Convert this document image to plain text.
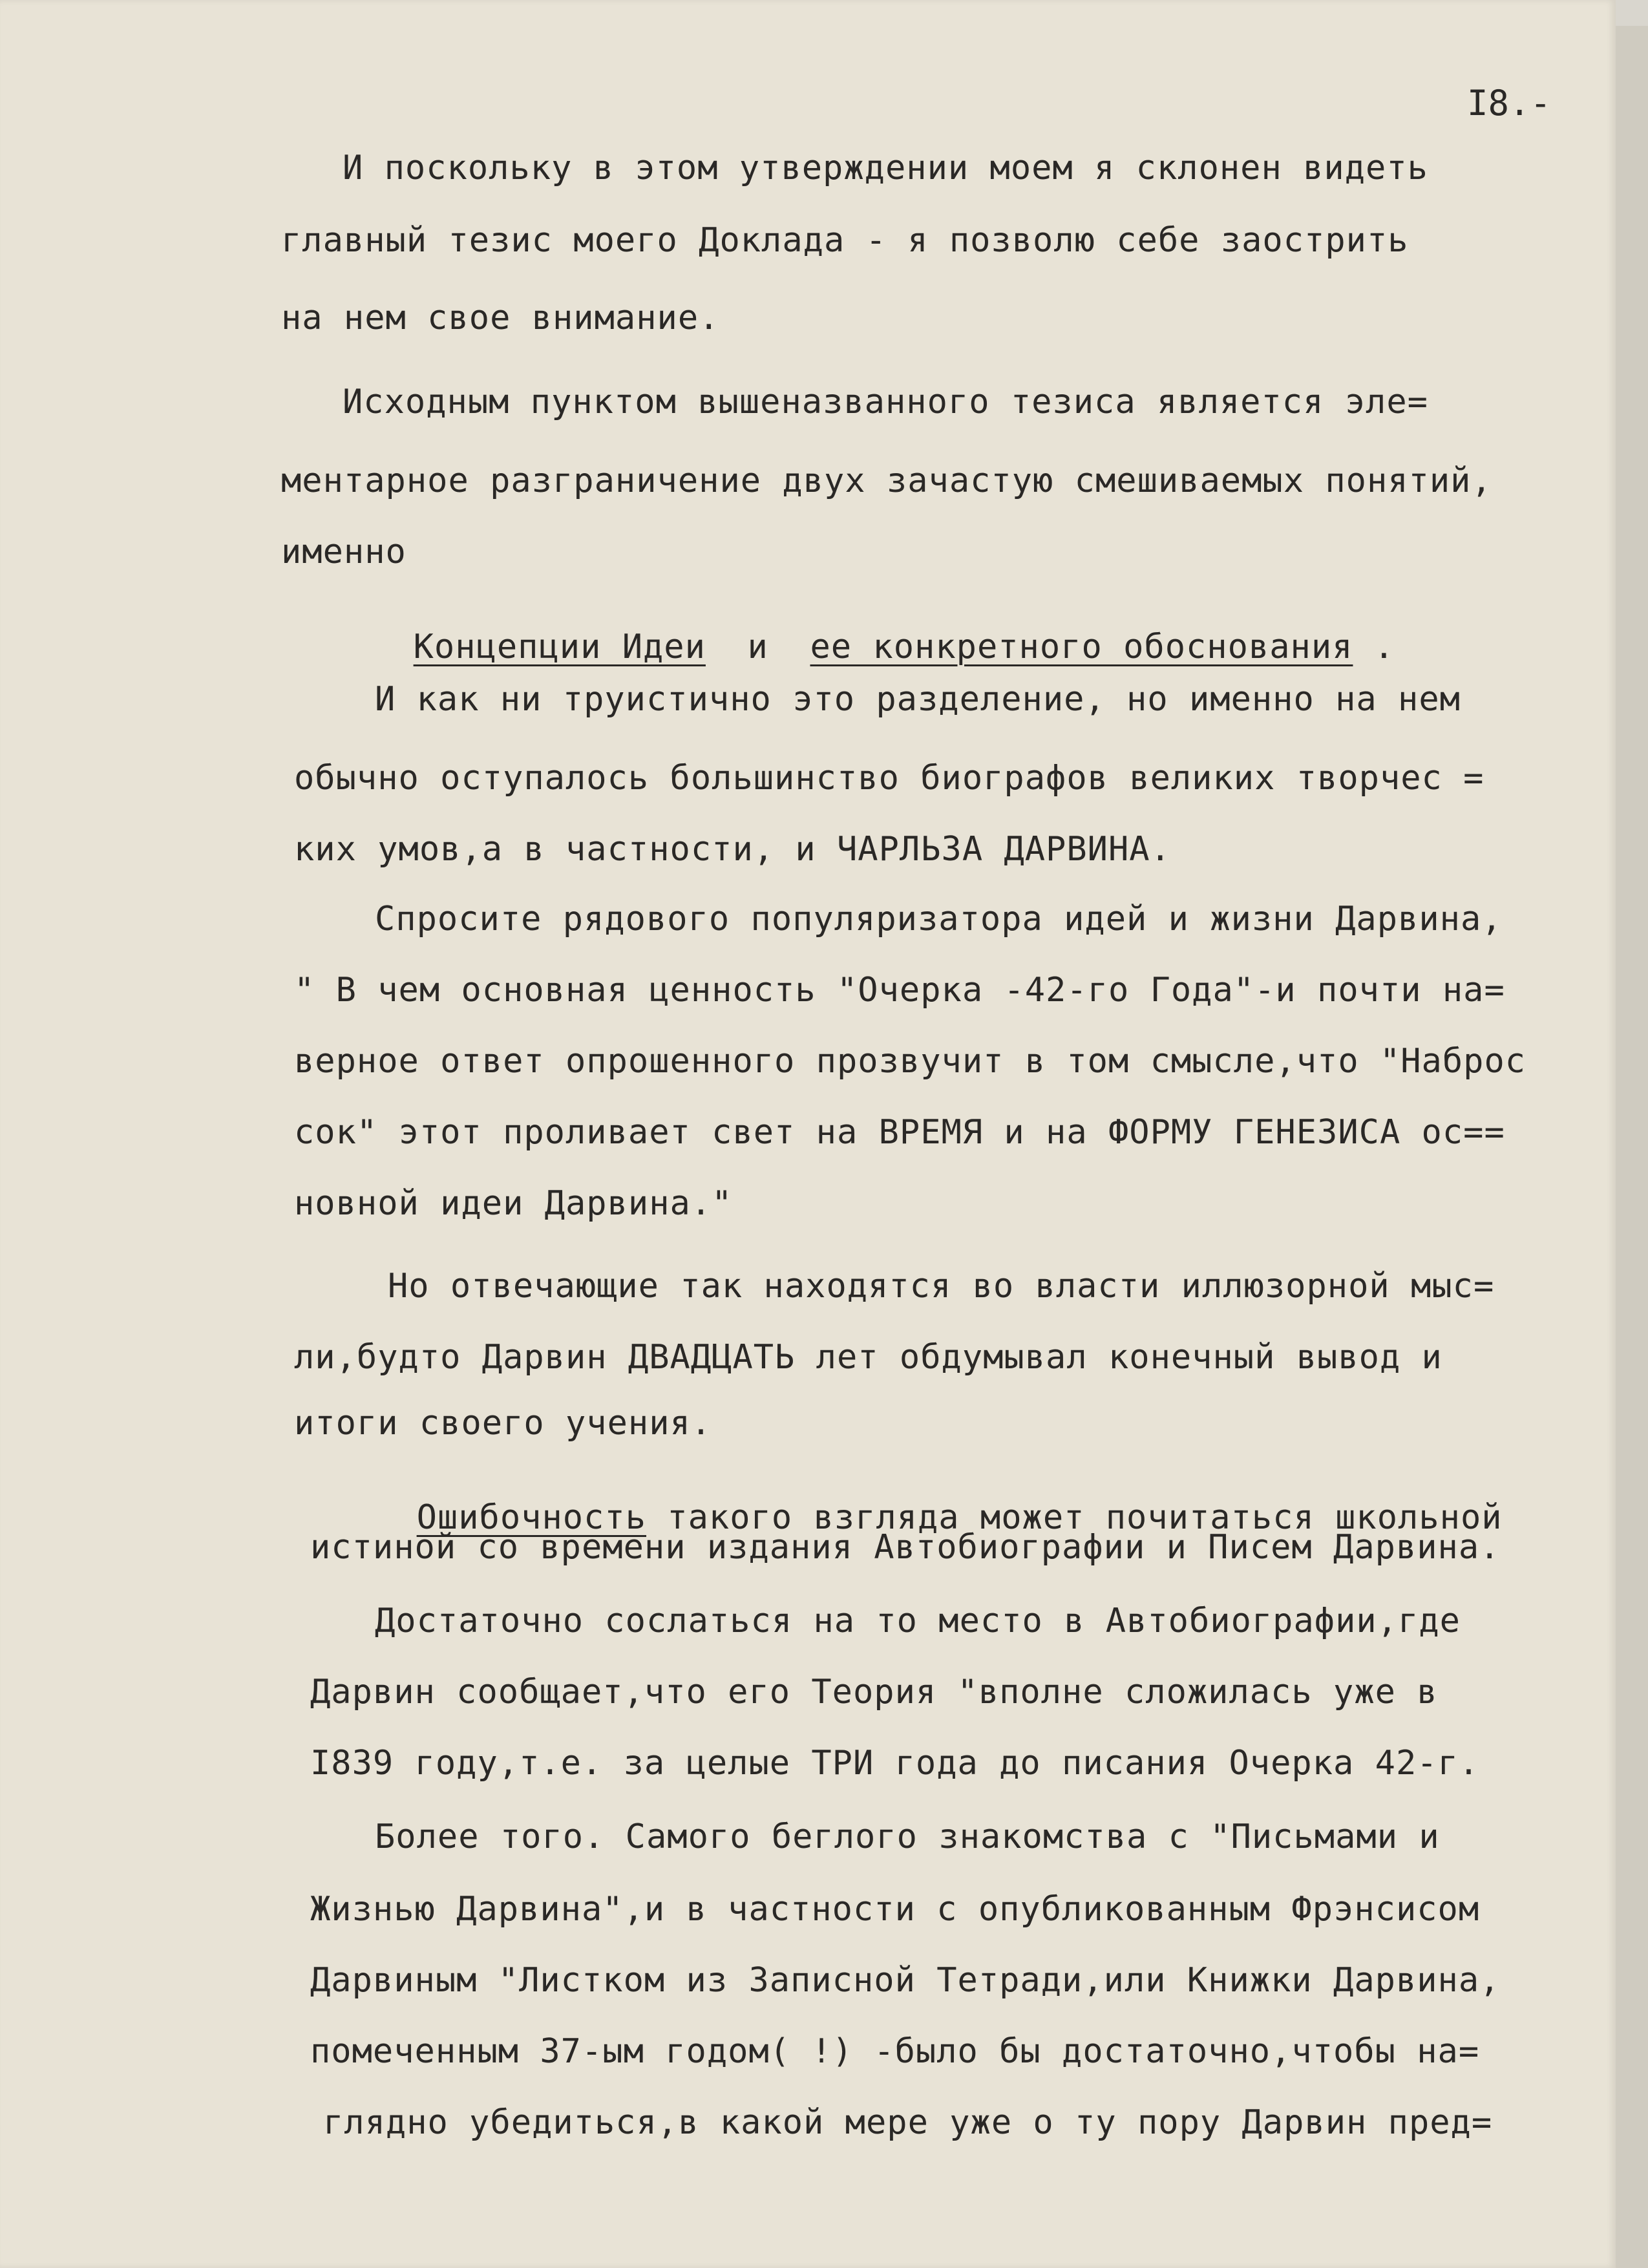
I8.-
И поскольку в этом утверждении моем я склонен видеть
главный тезис моего Доклада - я позволю себе заострить
на нем свое внимание.
Исходным пунктом вышеназванного тезиса является эле=
ментарное разграничение двух зачастую смешиваемых понятий,
именно
И как ни труистично это разделение, но именно на нем
обычно оступалось большинство биографов великих творчес =
ких умов,а в частности, и ЧАРЛЬЗА ДАРВИНА.
Спросите рядового популяризатора идей и жизни Дарвина,
" В чем основная ценность "Очерка -42-го Года"-и почти на=
верное ответ опрошенного прозвучит в том смысле,что "Наброс
сок" этот проливает свет на ВРЕМЯ и на ФОРМУ ГЕНЕЗИСА ос==
новной идеи Дарвина."
Но отвечающие так находятся во власти иллюзорной мыс=
ли,будто Дарвин ДВАДЦАТЬ лет обдумывал конечный вывод и
итоги своего учения.
истиной со времени издания Автобиографии и Писем Дарвина.
Достаточно сослаться на то место в Автобиографии,где
Дарвин сообщает,что его Теория "вполне сложилась уже в
I839 году,т.е. за целые ТРИ года до писания Очерка 42-г.
Более того. Самого беглого знакомства с "Письмами и
Жизнью Дарвина",и в частности с опубликованным Фрэнсисом
Дарвиным "Листком из Записной Тетради,или Книжки Дарвина,
помеченным 37-ым годом( !) -было бы достаточно,чтобы на=
глядно убедиться,в какой мере уже о ту пору Дарвин пред=

Концепции Идеи и ее конкретного обоснования .

Ошибочность такого взгляда может почитаться школьной
